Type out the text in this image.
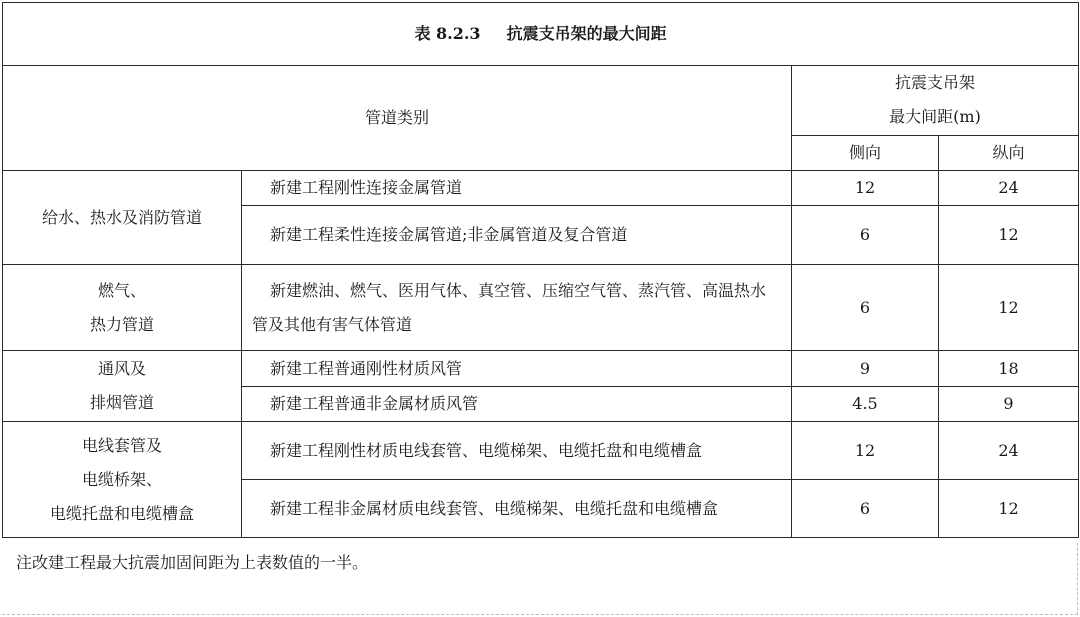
表 8.2.3 抗震支吊架的最大间距			
管道类别		抗震支吊架
最大间距(m)	

		侧向	纵向
给水、热水及消防管道	新建工程刚性连接金属管道	12	24
	新建工程柔性连接金属管道;非金属管道及复合管道	6	12

燃气、
热力管道	新建燃油、燃气、医用气体、真空管、压缩空气管、蒸汽管、高温热水管及其他有害气体管道	6	12

通风及
排烟管道	新建工程普通刚性材质风管	9	18
	新建工程普通非金属材质风管	4.5	9

电线套管及
电缆桥架、
电缆托盘和电缆槽盒	新建工程刚性材质电线套管、电缆梯架、电缆托盘和电缆槽盒	12	24
	新建工程非金属材质电线套管、电缆梯架、电缆托盘和电缆槽盒	6	12
注改建工程最大抗震加固间距为上表数值的一半。
